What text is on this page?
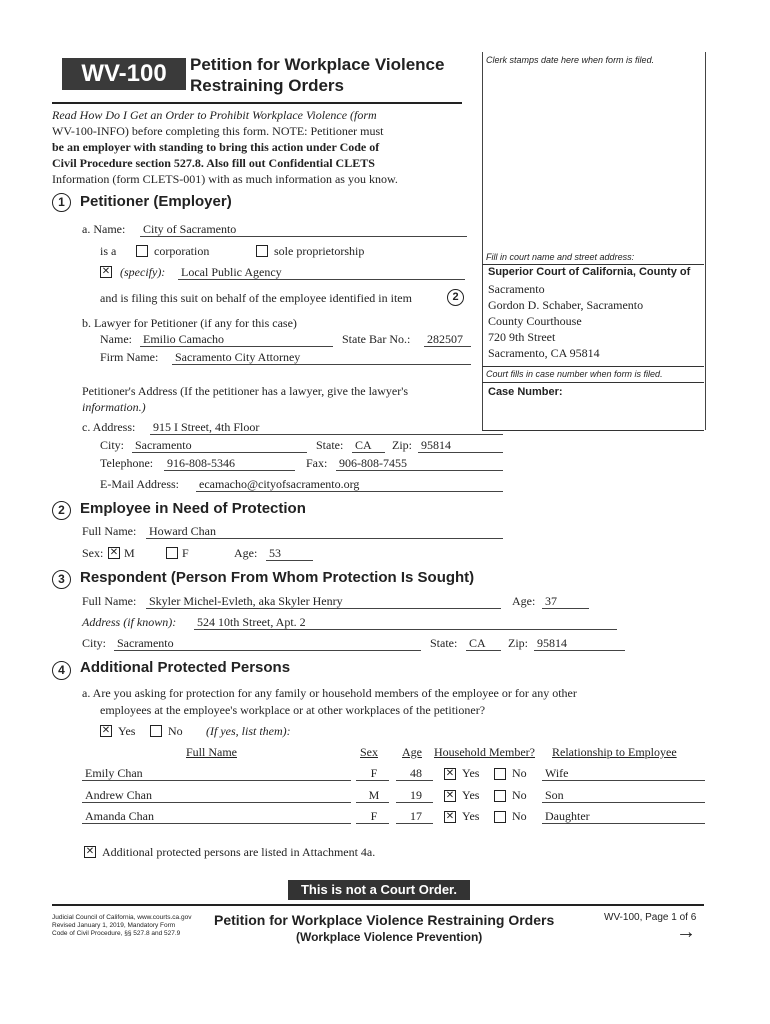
WV-100	Petition for Workplace Violence
Restraining Orders
Clerk stamps date here when form is filed.
Read How Do I Get an Order to Prohibit Workplace Violence (form
WV-100-INFO) before completing this form. NOTE: Petitioner must
be an employer with standing to bring this action under Code of
Civil Procedure section 527.8. Also fill out Confidential CLETS
Information (form CLETS-001) with as much information as you know.
Fill in court name and street address:
Superior Court of California, County of
Sacramento
Gordon D. Schaber, Sacramento
County Courthouse
720 9th Street
Sacramento, CA 95814
Court fills in case number when form is filed.
Case Number:
1	Petitioner (Employer)
a. Name: City of Sacramento
is a	corporation	sole proprietorship
✕ (specify): Local Public Agency
and is filing this suit on behalf of the employee identified in item	2
b. Lawyer for Petitioner (if any for this case)
Name: Emilio Camacho	State Bar No.: 282507
Firm Name: Sacramento City Attorney
Petitioner's Address (If the petitioner has a lawyer, give the lawyer's
information.)
c. Address: 915 I Street, 4th Floor
City: Sacramento	State: CA	Zip: 95814
Telephone: 916-808-5346	Fax: 906-808-7455
E-Mail Address: ecamacho@cityofsacramento.org
2	Employee in Need of Protection
Full Name: Howard Chan
Sex: ✕ M	F	Age: 53
3	Respondent (Person From Whom Protection Is Sought)
Full Name: Skyler Michel-Evleth, aka Skyler Henry	Age: 37
Address (if known): 524 10th Street, Apt. 2
City: Sacramento	State: CA	Zip: 95814
4	Additional Protected Persons
a. Are you asking for protection for any family or household members of the employee or for any other
employees at the employee's workplace or at other workplaces of the petitioner?
✕ Yes	No (If yes, list them):
Full Name	Sex Age Household Member? Relationship to Employee
Emily Chan	F	48	✕ Yes	No Wife
Andrew Chan	M	19	✕ Yes	No Son
Amanda Chan	F	17	✕ Yes	No Daughter
✕ Additional protected persons are listed in Attachment 4a.
This is not a Court Order.
Judicial Council of California, www.courts.ca.gov
Revised January 1, 2019, Mandatory Form
Code of Civil Procedure, §§ 527.8 and 527.9
Petition for Workplace Violence Restraining Orders
(Workplace Violence Prevention)
WV-100, Page 1 of 6
→
